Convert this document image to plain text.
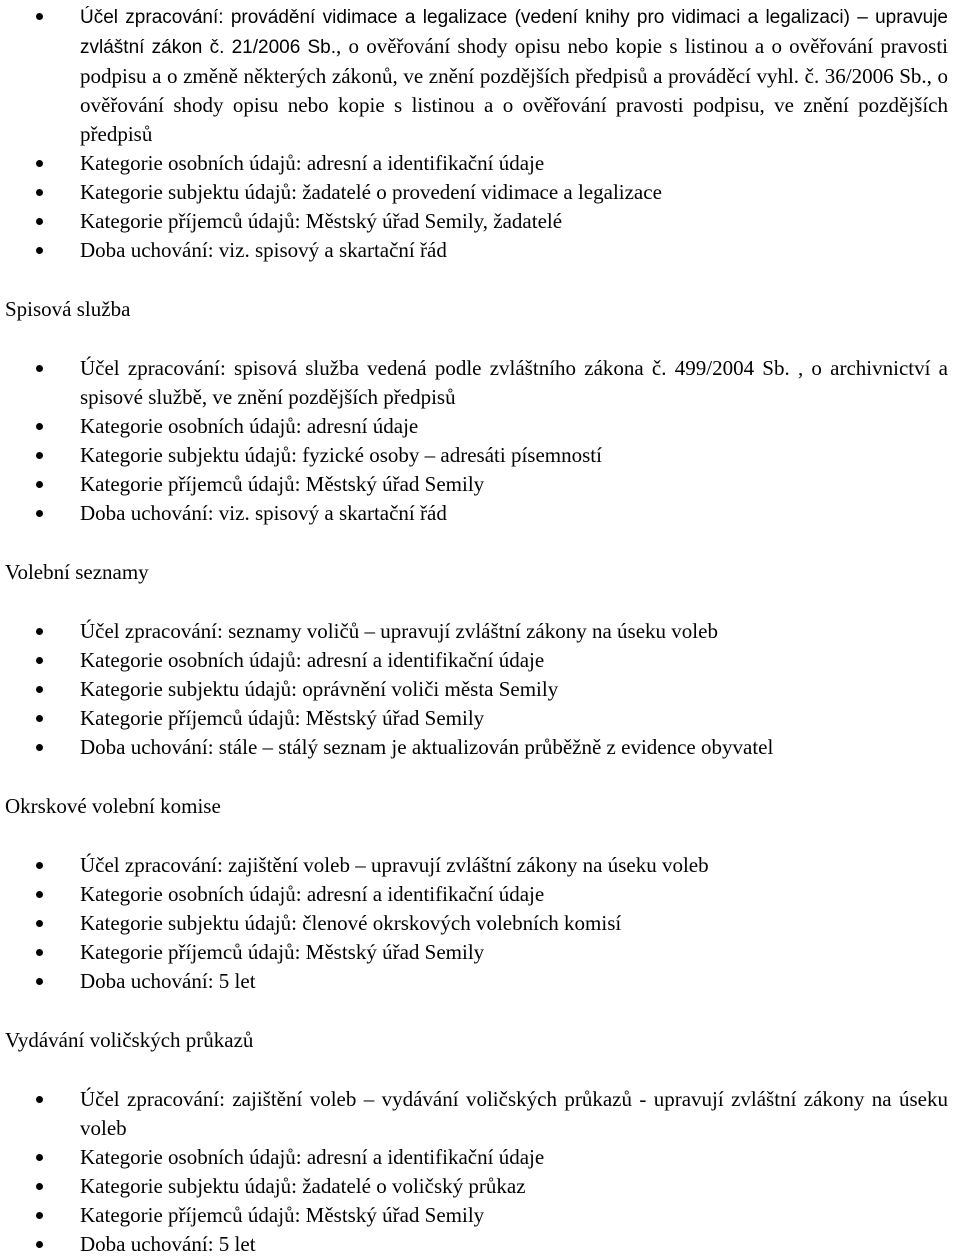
Účel zpracování: provádění vidimace a legalizace (vedení knihy pro vidimaci a legalizaci) – upravuje zvláštní zákon č. 21/2006 Sb., o ověřování shody opisu nebo kopie s listinou a o ověřování pravosti podpisu a o změně některých zákonů, ve znění pozdějších předpisů a prováděcí vyhl. č. 36/2006 Sb., o ověřování shody opisu nebo kopie s listinou a o ověřování pravosti podpisu, ve znění pozdějších předpisů
Kategorie osobních údajů: adresní a identifikační údaje
Kategorie subjektu údajů: žadatelé o provedení vidimace a legalizace
Kategorie příjemců údajů: Městský úřad Semily, žadatelé
Doba uchování: viz. spisový a skartační řád
Spisová služba
Účel zpracování: spisová služba vedená podle zvláštního zákona č. 499/2004 Sb. , o archivnictví a spisové službě, ve znění pozdějších předpisů
Kategorie osobních údajů: adresní údaje
Kategorie subjektu údajů: fyzické osoby – adresáti písemností
Kategorie příjemců údajů: Městský úřad Semily
Doba uchování: viz. spisový a skartační řád
Volební seznamy
Účel zpracování: seznamy voličů – upravují zvláštní zákony na úseku voleb
Kategorie osobních údajů: adresní a identifikační údaje
Kategorie subjektu údajů: oprávnění voliči města Semily
Kategorie příjemců údajů: Městský úřad Semily
Doba uchování: stále – stálý seznam je aktualizován průběžně z evidence obyvatel
Okrskové volební komise
Účel zpracování: zajištění voleb – upravují zvláštní zákony na úseku voleb
Kategorie osobních údajů: adresní a identifikační údaje
Kategorie subjektu údajů: členové okrskových volebních komisí
Kategorie příjemců údajů: Městský úřad Semily
Doba uchování: 5 let
Vydávání voličských průkazů
Účel zpracování: zajištění voleb – vydávání voličských průkazů - upravují zvláštní zákony na úseku voleb
Kategorie osobních údajů: adresní a identifikační údaje
Kategorie subjektu údajů: žadatelé o voličský průkaz
Kategorie příjemců údajů: Městský úřad Semily
Doba uchování: 5 let
